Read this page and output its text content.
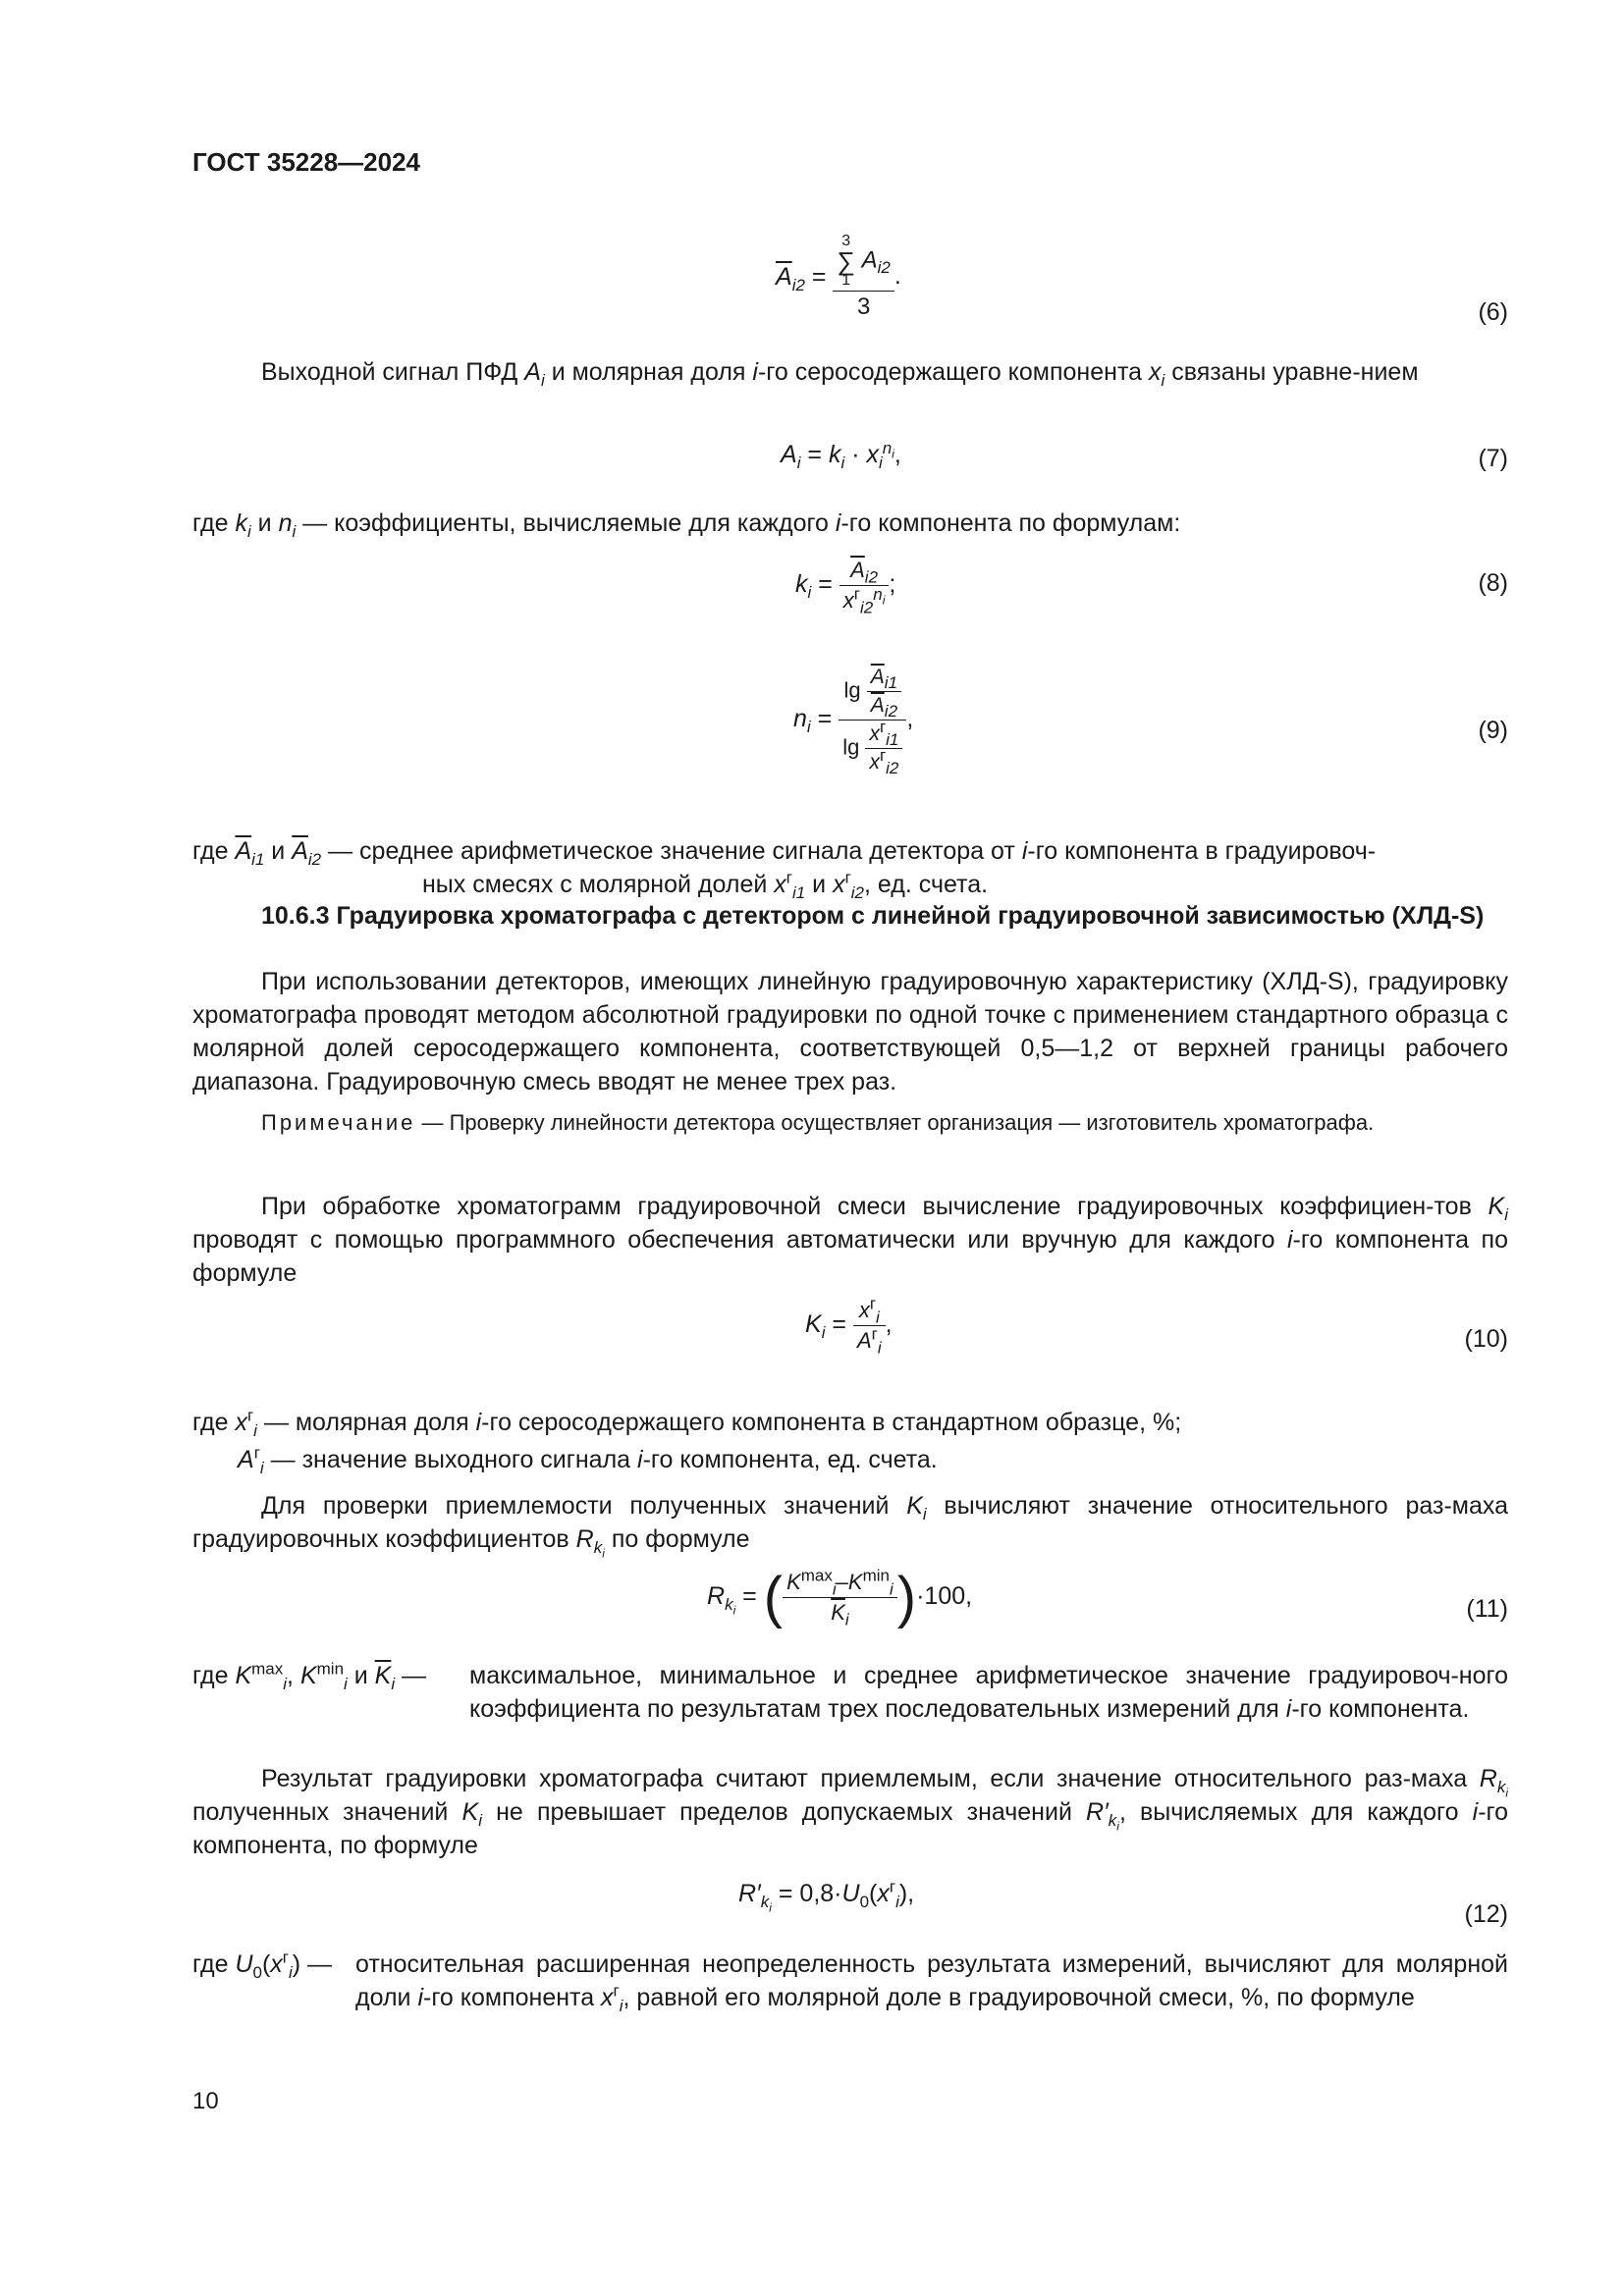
ГОСТ 35228—2024
$\overline{A}_{i2} = 3$
∑
1
$A_{i2}$
3 .
(6)
Выходной сигнал ПФД $A_i$ и молярная доля i-го серосодержащего компонента $x_i$ связаны уравне-нием
$A_i = k_i \cdot x_i^{n_i}$,	(7)
где $k_i$ и $n_i$ — коэффициенты, вычисляемые для каждого i-го компонента по формулам:
$k_i = \frac{\overline{A}_{i2}}{x^г_{i2}^{n_i}}$ ;	(8)
$n_i = \frac{\lg \frac{\overline{A}_{i1}}{\overline{A}_{i2}}}{\lg \frac{x^г_{i1}}{x^г_{i2}}}$ ,	(9)
где $\overline{A}_{i1}$ и $\overline{A}_{i2}$ — среднее арифметическое значение сигнала детектора от i-го компонента в градуировоч-
ных смесях с молярной долей $x^г_{i1}$ и $x^г_{i2}$, ед. счета.
10.6.3 Градуировка хроматографа с детектором с линейной градуировочной зависимостью (ХЛД-S)
При использовании детекторов, имеющих линейную градуировочную характеристику (ХЛД-S), градуировку хроматографа проводят методом абсолютной градуировки по одной точке с применением стандартного образца с молярной долей серосодержащего компонента, соответствующей 0,5—1,2 от верхней границы рабочего диапазона. Градуировочную смесь вводят не менее трех раз.
Примечание — Проверку линейности детектора осуществляет организация — изготовитель хроматографа.
При обработке хроматограмм градуировочной смеси вычисление градуировочных коэффициен-тов $K_i$ проводят с помощью программного обеспечения автоматически или вручную для каждого i-го компонента по формуле
$K_i = \frac{x^г_i}{A^г_i}$ ,
(10)
где $x^г_i$ — молярная доля i-го серосодержащего компонента в стандартном образце, %;
$A^г_i$ — значение выходного сигнала i-го компонента, ед. счета.
Для проверки приемлемости полученных значений $K_i$ вычисляют значение относительного раз-маха градуировочных коэффициентов $R_{k_i}$ по формуле
$R_{k_i}$ = ( $\frac{K^{max}_i-K^{min}_i}{\overline{K}_i} )\cdot 100$,	(11)
где $K^{max}_i$, $K^{min}_i$ и $\overline{K}_i$ — максимальное, минимальное и среднее арифметическое значение градуировоч-ного коэффициента по результатам трех последовательных измерений для i-го компонента.
Результат градуировки хроматографа считают приемлемым, если значение относительного раз-маха $R_{k_i}$ полученных значений $K_i$ не превышает пределов допускаемых значений $R'_{k_i}$, вычисляемых для каждого i-го компонента, по формуле
$R'_{k_i} = 0,8\cdot U_0(x^г_i)$,
(12)
где $U_0(x^г_i)$ — относительная расширенная неопределенность результата измерений, вычисляют для молярной доли i-го компонента $x^г_i$, равной его молярной доле в градуировочной смеси, %, по формуле
10
